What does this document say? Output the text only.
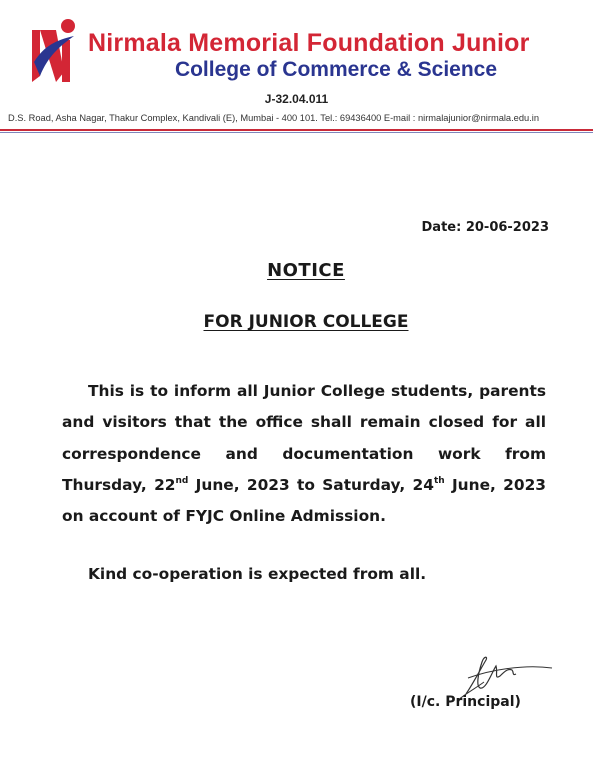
Nirmala Memorial Foundation Junior
College of Commerce & Science
J-32.04.011
D.S. Road, Asha Nagar, Thakur Complex, Kandivali (E), Mumbai - 400 101. Tel.: 69436400 E-mail : nirmalajunior@nirmala.edu.in
Date: 20-06-2023
NOTICE
FOR JUNIOR COLLEGE
This is to inform all Junior College students, parents and visitors that the office shall remain closed for all correspondence and documentation work from Thursday, 22nd June, 2023 to Saturday, 24th June, 2023 on account of FYJC Online Admission.
Kind co-operation is expected from all.
(I/c. Principal)
